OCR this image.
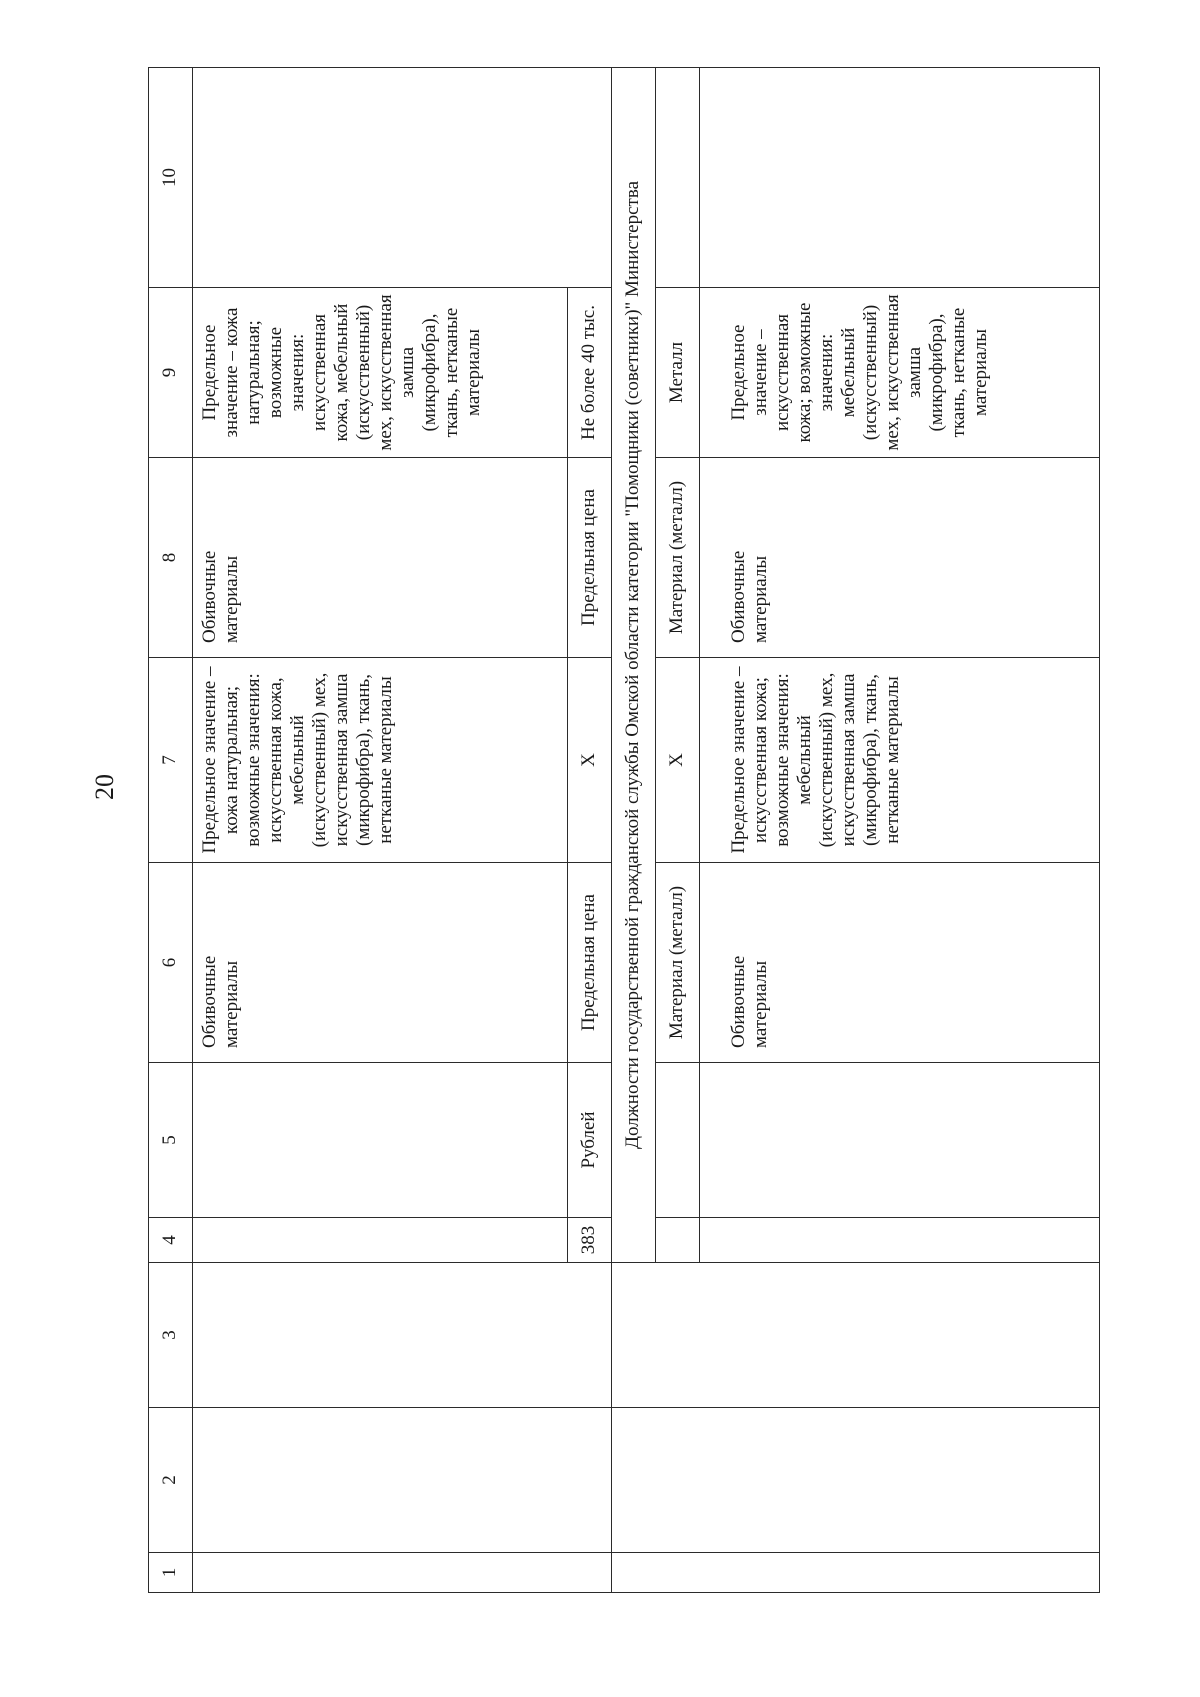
20
1	2	3	4	5	6	7	8	9	10
					Обивочные материалы	Предельное значение – кожа натуральная; возможные значения: искусственная кожа, мебельный (искусственный) мех, искусственная замша (микрофибра), ткань, нетканые материалы	Обивочные материалы	Предельное значение – кожа натуральная; возможные значения: искусственная кожа, мебельный (искусственный) мех, искусственная замша (микрофибра), ткань, нетканые материалы	
			383	Рублей	Предельная цена	X	Предельная цена	Не более 40 тыс.	
			Должности государственной гражданской службы Омской области категории "Помощники (советники)" Министерства						
					Материал (металл)	X	Материал (металл)	Металл	
					Обивочные материалы	Предельное значение – искусственная кожа; возможные значения: мебельный (искусственный) мех, искусственная замша (микрофибра), ткань, нетканые материалы	Обивочные материалы	Предельное значение – искусственная кожа; возможные значения: мебельный (искусственный) мех, искусственная замша (микрофибра), ткань, нетканые материалы	
